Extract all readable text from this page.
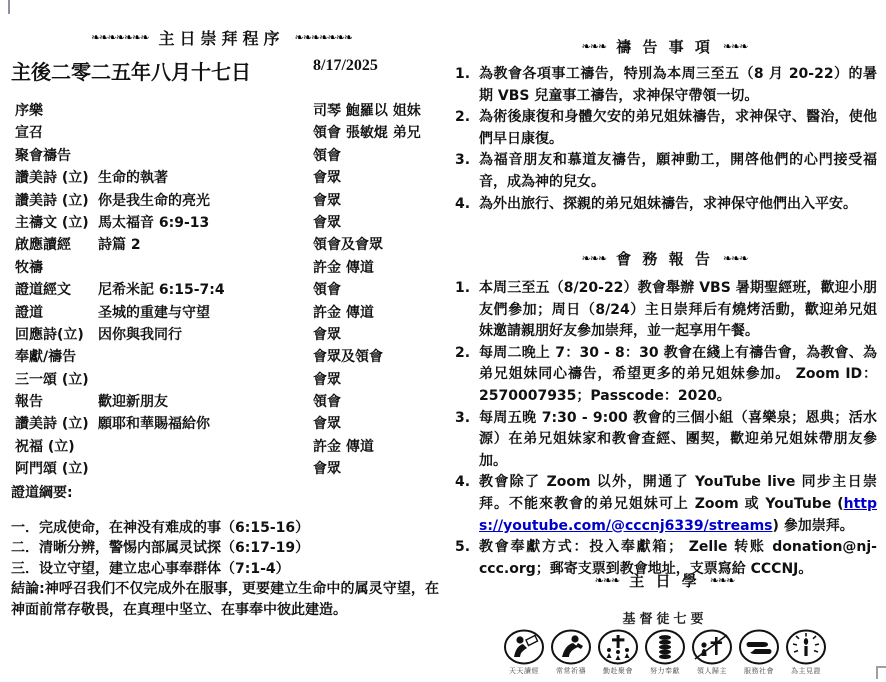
❧❧❧❧❧❧❧ 主日崇拜程序 ❧❧❧❧❧❧❧
主後二零二五年八月十七日	8/17/2025
序樂	司琴 鮑羅以 姐妹
宣召	領會 張敏焜 弟兄
聚會禱告	領會
讚美詩 (立) 生命的執著	會眾
讚美詩 (立) 你是我生命的亮光	會眾
主禱文 (立) 馬太福音 6:9-13	會眾
啟應讀經	詩篇 2	領會及會眾
牧禱	許金 傳道
證道經文	尼希米記 6:15-7:4	領會
證道	圣城的重建与守望	許金 傳道
回應詩(立)	因你與我同行	會眾
奉獻/禱告	會眾及領會
三一頌 (立)	會眾
報告	歡迎新朋友	領會
讚美詩 (立) 願耶和華賜福給你	會眾
祝福 (立)	許金 傳道
阿門頌 (立)	會眾
證道綱要:
一．完成使命，在神没有难成的事（6:15-16）
二．清晰分辨，警惕内部属灵试探（6:17-19）
三．设立守望，建立忠心事奉群体（7:1-4）
結論:神呼召我们不仅完成外在服事，更要建立生命中的属灵守望，在神面前常存敬畏，在真理中坚立、在事奉中彼此建造。
❧❧❧ 禱 告 事 項 ❧❧❧
1. 為教會各項事工禱告，特別為本周三至五（8 月 20-22）的暑期 VBS 兒童事工禱告，求神保守帶領一切。
2. 為術後康復和身體欠安的弟兄姐妹禱告，求神保守、醫治，使他們早日康復。
3. 為福音朋友和慕道友禱告，願神動工，開啓他們的心門接受福音，成為神的兒女。
4. 為外出旅行、探親的弟兄姐妹禱告，求神保守他們出入平安。
❧❧❧ 會 務 報 告 ❧❧❧
1. 本周三至五（8/20-22）教會舉辦 VBS 暑期聖經班，歡迎小朋友們參加；周日（8/24）主日崇拜后有燒烤活動，歡迎弟兄姐妹邀請親朋好友參加崇拜，並一起享用午餐。
2. 每周二晚上 7：30 - 8：30 教會在綫上有禱告會，為教會、為弟兄姐妹同心禱告，希望更多的弟兄姐妹參加。 Zoom ID：2570007935；Passcode：2020。
3. 每周五晚 7:30 - 9:00 教會的三個小組（喜樂泉；恩典；活水源）在弟兄姐妹家和教會查經、團契，歡迎弟兄姐妹帶朋友參加。
4. 教會除了 Zoom 以外，開通了 YouTube live 同步主日崇拜。不能來教會的弟兄姐妹可上 Zoom 或 YouTube (https://youtube.com/@cccnj6339/streams) 參加崇拜。
5. 教會奉獻方式：投入奉獻箱； Zelle 转账 donation@nj-ccc.org；郵寄支票到教會地址，支票寫給 CCCNJ。
❧❧❧ 主 日 學 ❧❧❧
基督徒七要
天天讀經	常常祈禱	勤赴聚會	努力奉獻	領人歸主	服務社會	為主見證
